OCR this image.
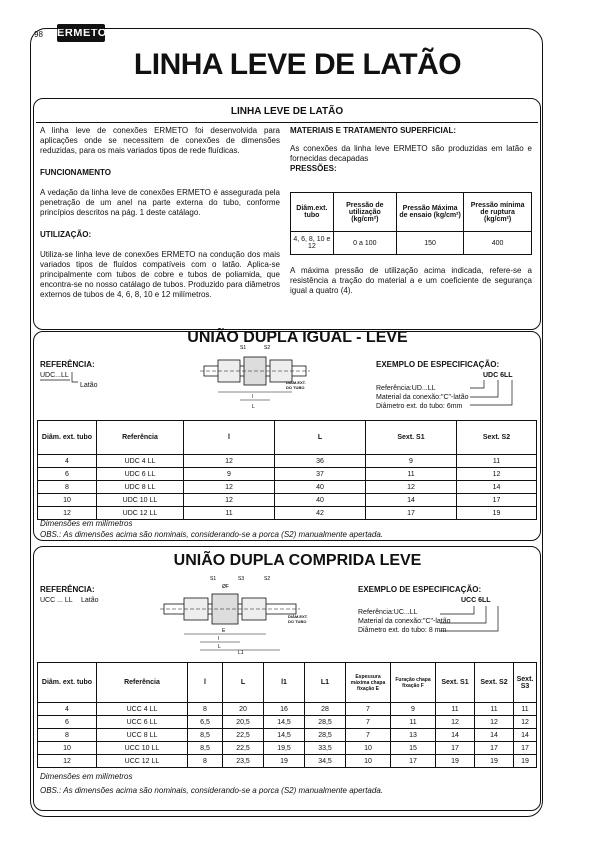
98 ERMETO
LINHA LEVE DE LATÃO
LINHA LEVE DE LATÃO

A linha leve de conexões ERMETO foi desenvolvida para aplicações onde se necessitem de conexões de dimensões reduzidas, para os mais variados tipos de rede fluídicas.

FUNCIONAMENTO

A vedação da linha leve de conexões ERMETO é assegurada pela penetração de um anel na parte externa do tubo, conforme princípios descritos na pág. 1 deste catálago.

UTILIZAÇÃO:

Utiliza-se linha leve de conexões ERMETO na condução dos mais variados tipos de fluídos compatíveis com o latão. Aplica-se principalmente com tubos de cobre e tubos de poliamida, que encontra-se no nosso catálago de tubos. Produzido para diâmetros externos de tubos de 4, 6, 8, 10 e 12 milímetros.

MATERIAIS E TRATAMENTO SUPERFICIAL:

As conexões da linha leve ERMETO são produzidas em latão e fornecidas decapadas

PRESSÕES:
Diâm.ext. tubo	Pressão de utilização (kg/cm²)	Pressão Máxima de ensaio (kg/cm²)	Pressão mínima de ruptura (kg/cm²)
4, 6, 8, 10 e 12	0 a 100	150	400
A máxima pressão de utilização acima indicada, refere-se a resistência a tração do material a e um coeficiente de segurança igual a quatro (4).
UNIÃO DUPLA IGUAL - LEVE
REFERÊNCIA:
UDC...LL
Latão
S1	S2
l
L
DIÂM.EXT. DO TUBO
EXEMPLO DE ESPECIFICAÇÃO:
UDC 6LL
Referência:UD...LL
Material da conexão:"C"-latão
Diâmetro ext. do tubo: 6mm
Diâm. ext. tubo	Referência	l	L	Sext. S1	Sext. S2
4	UDC 4 LL	12	36	9	11
6	UDC 6 LL	9	37	11	12
8	UDC 8 LL	12	40	12	14
10	UDC 10 LL	12	40	14	17
12	UDC 12 LL	11	42	17	19
Dimensões em milímetros
OBS.: As dimensões acima são nominais, considerando-se a porca (S2) manualmente apertada.
UNIÃO DUPLA COMPRIDA LEVE
REFERÊNCIA:
UCC ... LL Latão
S1	S3	S2
ØF
E
l
L
L1
DIÂM.EXT. DO TUBO
EXEMPLO DE ESPECIFICAÇÃO:
UCC 6LL
Referência:UC...LL
Material da conexão:"C"-latão
Diâmetro ext. do tubo: 8 mm
Diâm. ext. tubo	Referência	l	L	l1	L1	Espessura máxima chapa fixação E	Furação chapa fixação F	Sext. S1	Sext. S2	Sext. S3
4	UCC 4 LL	8	20	16	28	7	9	11	11	11
6	UCC 6 LL	6,5	20,5	14,5	28,5	7	11	12	12	12
8	UCC 8 LL	8,5	22,5	14,5	28,5	7	13	14	14	14
10	UCC 10 LL	8,5	22,5	19,5	33,5	10	15	17	17	17
12	UCC 12 LL	8	23,5	19	34,5	10	17	19	19	19
Dimensões em milímetros
OBS.: As dimensões acima são nominais, considerando-se a porca (S2) manualmente apertada.
